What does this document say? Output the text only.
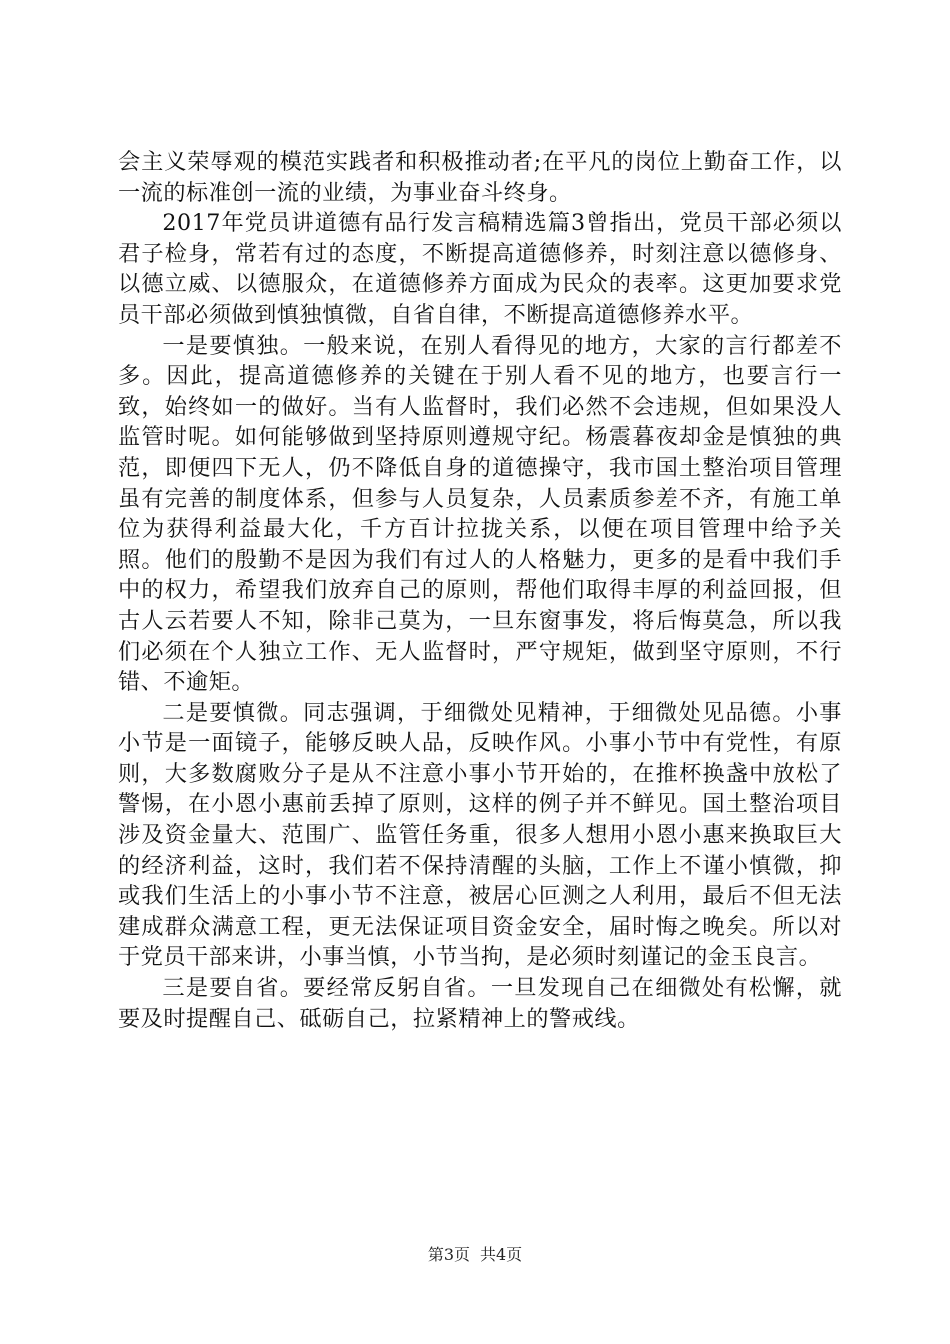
会主义荣辱观的模范实践者和积极推动者;在平凡的岗位上勤奋工作，以一流的标准创一流的业绩，为事业奋斗终身。

2017年党员讲道德有品行发言稿精选篇3曾指出，党员干部必须以君子检身，常若有过的态度，不断提高道德修养，时刻注意以德修身、以德立威、以德服众，在道德修养方面成为民众的表率。这更加要求党员干部必须做到慎独慎微，自省自律，不断提高道德修养水平。

一是要慎独。一般来说，在别人看得见的地方，大家的言行都差不多。因此，提高道德修养的关键在于别人看不见的地方，也要言行一致，始终如一的做好。当有人监督时，我们必然不会违规，但如果没人监管时呢。如何能够做到坚持原则遵规守纪。杨震暮夜却金是慎独的典范，即便四下无人，仍不降低自身的道德操守，我市国土整治项目管理虽有完善的制度体系，但参与人员复杂，人员素质参差不齐，有施工单位为获得利益最大化，千方百计拉拢关系，以便在项目管理中给予关照。他们的殷勤不是因为我们有过人的人格魅力，更多的是看中我们手中的权力，希望我们放弃自己的原则，帮他们取得丰厚的利益回报，但古人云若要人不知，除非己莫为，一旦东窗事发，将后悔莫急，所以我们必须在个人独立工作、无人监督时，严守规矩，做到坚守原则，不行错、不逾矩。

二是要慎微。同志强调，于细微处见精神，于细微处见品德。小事小节是一面镜子，能够反映人品，反映作风。小事小节中有党性，有原则，大多数腐败分子是从不注意小事小节开始的，在推杯换盏中放松了警惕，在小恩小惠前丢掉了原则，这样的例子并不鲜见。国土整治项目涉及资金量大、范围广、监管任务重，很多人想用小恩小惠来换取巨大的经济利益，这时，我们若不保持清醒的头脑，工作上不谨小慎微，抑或我们生活上的小事小节不注意，被居心叵测之人利用，最后不但无法建成群众满意工程，更无法保证项目资金安全，届时悔之晚矣。所以对于党员干部来讲，小事当慎，小节当拘，是必须时刻谨记的金玉良言。

三是要自省。要经常反躬自省。一旦发现自己在细微处有松懈，就要及时提醒自己、砥砺自己，拉紧精神上的警戒线。

第3页 共4页
